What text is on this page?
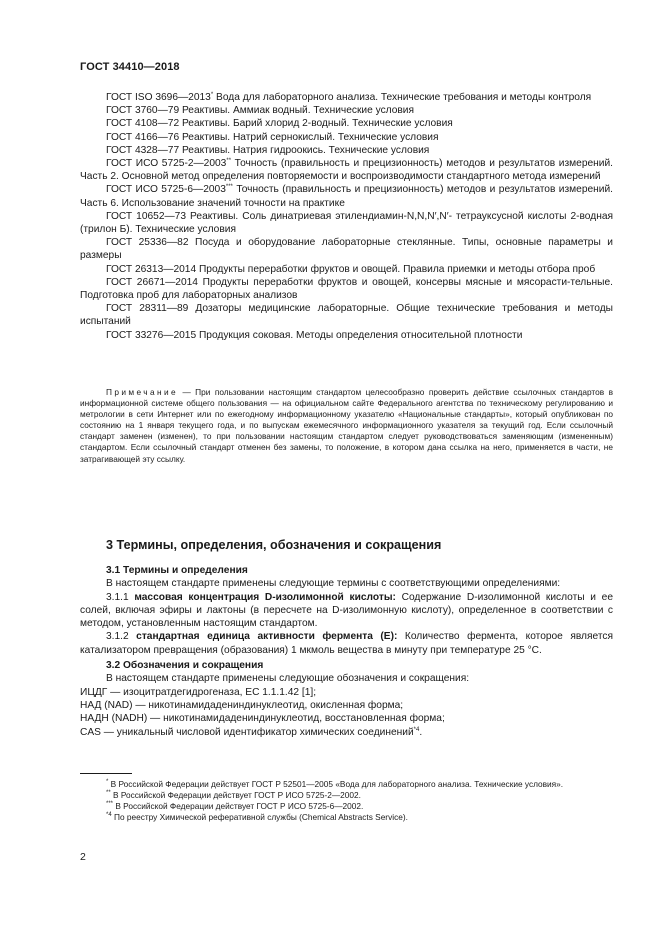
ГОСТ 34410—2018

ГОСТ ISO 3696—2013* Вода для лабораторного анализа. Технические требования и методы контроля

ГОСТ 3760—79 Реактивы. Аммиак водный. Технические условия

ГОСТ 4108—72 Реактивы. Барий хлорид 2-водный. Технические условия

ГОСТ 4166—76 Реактивы. Натрий сернокислый. Технические условия

ГОСТ 4328—77 Реактивы. Натрия гидроокись. Технические условия

ГОСТ ИСО 5725-2—2003** Точность (правильность и прецизионность) методов и результатов измерений. Часть 2. Основной метод определения повторяемости и воспроизводимости стандартного метода измерений

ГОСТ ИСО 5725-6—2003*** Точность (правильность и прецизионность) методов и результатов измерений. Часть 6. Использование значений точности на практике

ГОСТ 10652—73 Реактивы. Соль динатриевая этилендиамин-N,N,N′,N′- тетрауксусной кислоты 2-водная (трилон Б). Технические условия

ГОСТ 25336—82 Посуда и оборудование лабораторные стеклянные. Типы, основные параметры и размеры

ГОСТ 26313—2014 Продукты переработки фруктов и овощей. Правила приемки и методы отбора проб

ГОСТ 26671—2014 Продукты переработки фруктов и овощей, консервы мясные и мясорасти-тельные. Подготовка проб для лабораторных анализов

ГОСТ 28311—89 Дозаторы медицинские лабораторные. Общие технические требования и методы испытаний

ГОСТ 33276—2015 Продукция соковая. Методы определения относительной плотности

Примечание — При пользовании настоящим стандартом целесообразно проверить действие ссылочных стандартов в информационной системе общего пользования — на официальном сайте Федерального агентства по техническому регулированию и метрологии в сети Интернет или по ежегодному информационному указателю «Национальные стандарты», который опубликован по состоянию на 1 января текущего года, и по выпускам ежемесячного информационного указателя за текущий год. Если ссылочный стандарт заменен (изменен), то при пользовании настоящим стандартом следует руководствоваться заменяющим (измененным) стандартом. Если ссылочный стандарт отменен без замены, то положение, в котором дана ссылка на него, применяется в части, не затрагивающей эту ссылку.

3 Термины, определения, обозначения и сокращения

3.1 Термины и определения

В настоящем стандарте применены следующие термины с соответствующими определениями:

3.1.1 массовая концентрация D-изолимонной кислоты: Содержание D-изолимонной кислоты и ее солей, включая эфиры и лактоны (в пересчете на D-изолимонную кислоту), определенное в соответствии с методом, установленным настоящим стандартом.

3.1.2 стандартная единица активности фермента (Е): Количество фермента, которое является катализатором превращения (образования) 1 мкмоль вещества в минуту при температуре 25 °С.

3.2 Обозначения и сокращения

В настоящем стандарте применены следующие обозначения и сокращения:

ИЦДГ — изоцитратдегидрогеназа, ЕС 1.1.1.42 [1];

НАД (NAD) — никотинамидадениндинуклеотид, окисленная форма;

НАДН (NADH) — никотинамидадениндинуклеотид, восстановленная форма;

CAS — уникальный числовой идентификатор химических соединений$^{*4}$.

* В Российской Федерации действует ГОСТ Р 52501—2005 «Вода для лабораторного анализа. Технические условия».

** В Российской Федерации действует ГОСТ Р ИСО 5725-2—2002.

*** В Российской Федерации действует ГОСТ Р ИСО 5725-6—2002.

$^{*4}$ По реестру Химической реферативной службы (Chemical Abstracts Service).

2
